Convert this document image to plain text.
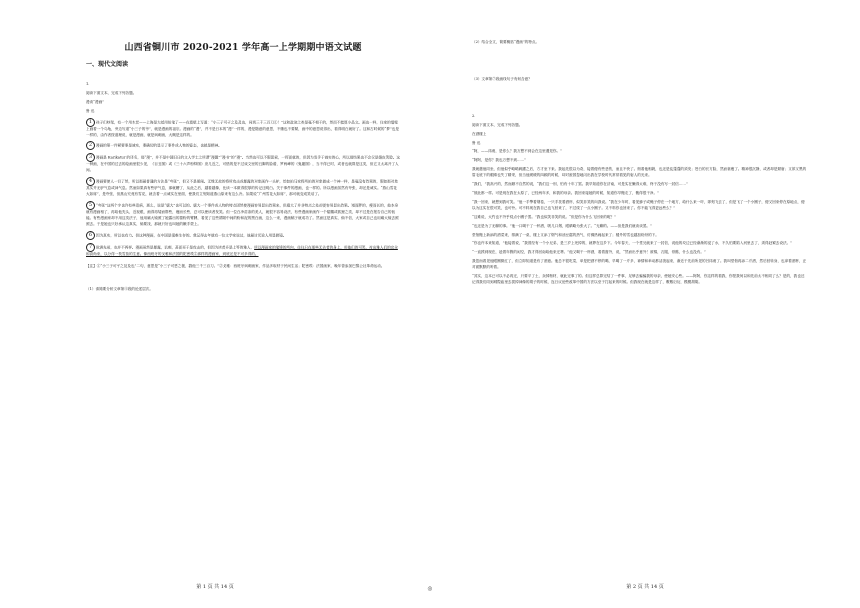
山西省铜川市 2020-2021 学年高一上学期期中语文试题
一、现代文阅读

1.

阅读下面文本，完成下列各题。

漫谈“漫画”

鲁 迅

1 孩子们吵架，有一个用木炭——上海是大抵用铅笔了——在墙壁上写道：“小三子可孑之及及也，同到三千三百刀①！”这和政治之类是毫不相干的，然而不能算小品文。画也一样，住家的墙壁上画着一个乌龟，旁边写道“小三子的爷”，就是漫画的祖宗。漫画的“漫”，并不是日本的“漫”一样的，漫是随意的意思，不懂也不要紧，画中的意思说得出，看得明白就好了。这和古时候的“梦”也是一样的，由作者按道理说，就是漫画，就是讽刺画，大概是这样的。

2 漫画的第一件紧要事是诚实，要确切的显示了事件或人物的姿态，也就是精神。

3 漫画是 Karikatur 的译名，那“漫”，并不是中国旧日的文人学士之所谓“漫题”“漫书”的“漫”。当然也可以不假思索，一挥而就的，但因为发乎于诚实的心，所以那结果也不会仅是嬉皮笑脸。这一种画，在中国的过去的绘画里很少见，《百丑图》或《三十六声粉铎图》庶几近之，可惜的是不过戏文里的丑脚的脸谱，罗两峰的《鬼趣图》，当不得已时，或者也就算是这类，但它又太离开了人间。

4 漫画要使人一目了然，所以那最普通的方法是“夸张”，但又不是胡闹。无缘无故的将所攻击或暴露的对象画作一头驴，恰如拍马家将所拍的对象做成一个神一样，是毫没有效果的，假如那对象其实并无驴气息或神气息。然而如果真有些驴气息，那就糟了，从此之后，越看越像，比读一本做得很厚的传记还明白。关于事件的漫画，也一样的。所以漫画虽然有夸张，却还是诚实。“燕山雪花大如席”，是夸张，但燕山究竟有雪花，就含着一点诚实在里面，使我们立刻知道燕山原来有这么冷。如果说“广州雪花大如席”，那可就变成笑话了。

5 “夸张”这两个字也许有些语病，那么，说是“廓大”也可以的。廓大一个事件或人物的特点固然使漫画容易显出效果来，但廓大了并非特点之处却更容易显出效果。矮而胖的，瘦而长的，他本身就有漫画相了，再给他禿头，近视眼，画得再矮而胖些，瘦而长些，总可以使读者发笑。但一位白净苗条的美人，就很不容易设法，有些漫画家画作一个骷髅或狐狸之类，却不过是在报告自己的低能。有些漫画家却不用这类法子，他用廓大镜照了她露出的搽粉的臂膊，看见了这些褶皱中间的粉和泥的黑白画，这么一来，漫画稿子就成功了。然而这是真实，倘不信，大家或自己也用廓大镜去照照去。于是她也只好承认这真实，倘要找，那就只好也叫她的嫩手蒙上。

6 因为真实，所以也有力。但这种漫画，在中国是很难生存的。我记得去年就有一位文学家说过，他最讨厌论人用显微镜。

7 欧洲先前，也并不两样。漫画虽然是暴露，讥刺，甚而至于是攻击的，但因为读者多是上等的雅人，所以漫画家的笔锋的所向，往往只在那些无告者的身上，用他们的可笑，衬出雅人们的完全和高尚来，以分得一枝雪茄的生意。像西班牙的戈雅和法国的陀密埃②那样的漫画家，到底还是不可多得的。

【注】①“小三子可孑之及及也”二句，意思是“小三子可恶之极，戳他三千三百刀。”②戈雅：西班牙讽刺画家，作品多取材于民间生活；陀密埃：法国画家，晚年曾参加巴黎公社革命运动。

（1）请简要分析文章第④段的论述层次。

（2）结合全文，简要概括“漫画”的特点。

（3）文章第⑦段画线句子有何含意？

2.

阅读下面文本，完成下列各题。

在酒楼上

鲁 迅

“阿，——纬甫，是你么？我万想不到会在这里遇见你。”

“阿阿，是你？我也万想不到……”

我就邀他同坐，但他似乎略略踌躇之后，方才坐下来。我起先很以为奇，接着便有些悲伤，而且不快了。细看他相貌，也还是乱蓬蓬的须发；苍白的长方脸，然而衰瘦了。精神很沉静，或者却是颓唐；又浓又黑的眉毛底下的眼睛也失了精采，但当他缓缓的四顾的时候，却对废园忽地闪出我在学校时代常常看见的射人的光来。

“我们，”我高兴的，然而颇不自然的说，“我们这一别，怕有十年了罢。我早知道你在济南，可是实在懒得太难，终于没有写一封信……”

“彼此都一样。可是现在我在太原了，已经两年多，和我的母亲。我回来接她的时候，知道你早搬走了，搬得很干净。”

“我一回来，就想到我可笑。”他一手擎着烟卷，一只手扶着酒杯，似笑非笑的向我说。“我在少年时，看见蜂子或蝇子停在一个地方，给什么来一吓，即刻飞去了，但是飞了一个小圈子，便又回来停在原地点，便以为这实在很可笑，也可怜。可不料现在我自己也飞回来了，不过绕了一点小圈子。又不料你也回来了。你不能飞得更远些么？”

“这难说，大约也不外乎绕点小圈子罢。”我也似笑非笑的说。“但是你为什么飞回来的呢？”

“也还是为了无聊的事。”他一口喝干了一杯酒，吸几口烟，眼睛略为张大了。“无聊的。——但是我们就谈谈罢。”

堂倌搬上新添的酒菜来，排满了一桌，楼上又添了烟气和油豆腐的热气，仿佛热闹起来了；楼外的雪也越加纷纷的下。

“你也许本来知道，”他接着说，“我曾经有一个小兄弟，是三岁上死掉的，就葬在这乡下。今年春天，一个堂兄就来了一封信，说他的坟边已经渐渐的浸了水，不久怕要陷入河里去了，须得赶紧去设法。”

“一直挨到现在，趁着年假的闲空，我才得回南给他来迁葬。”他又喝干一杯酒，看着窗外，说，“然而出乎意外！被棉，衣服，骨骼，什么也没有。”

我忽而看见他眼圈微红了，但立即知道是有了酒意。他总不很吃菜，单是把酒不停的喝，早喝了一斤多，神情和举动都活泼起来，渐近于先前所见的吕纬甫了。我叫堂倌再添二斤酒，然后回转身，也拿着酒杯，正对面默默的听着。

“其实，这本已可以不必再迁，只要平了土，卖掉棺材，就此完事了的。但这样总算完结了一件事，足够去骗骗我的母亲，使她安心些。——阿阿，你这样的看我，你怪我何以和先前太不相同了么？是的，我也还记得我们同到城隍庙里去拔掉神像的胡子的时候，连日议论些改革中国的方法以至于打起来的时候。但我现在就是这样了，敷敷衍衍，模模胡胡。

第 1 页 共 14 页	◎	第 2 页 共 14 页
